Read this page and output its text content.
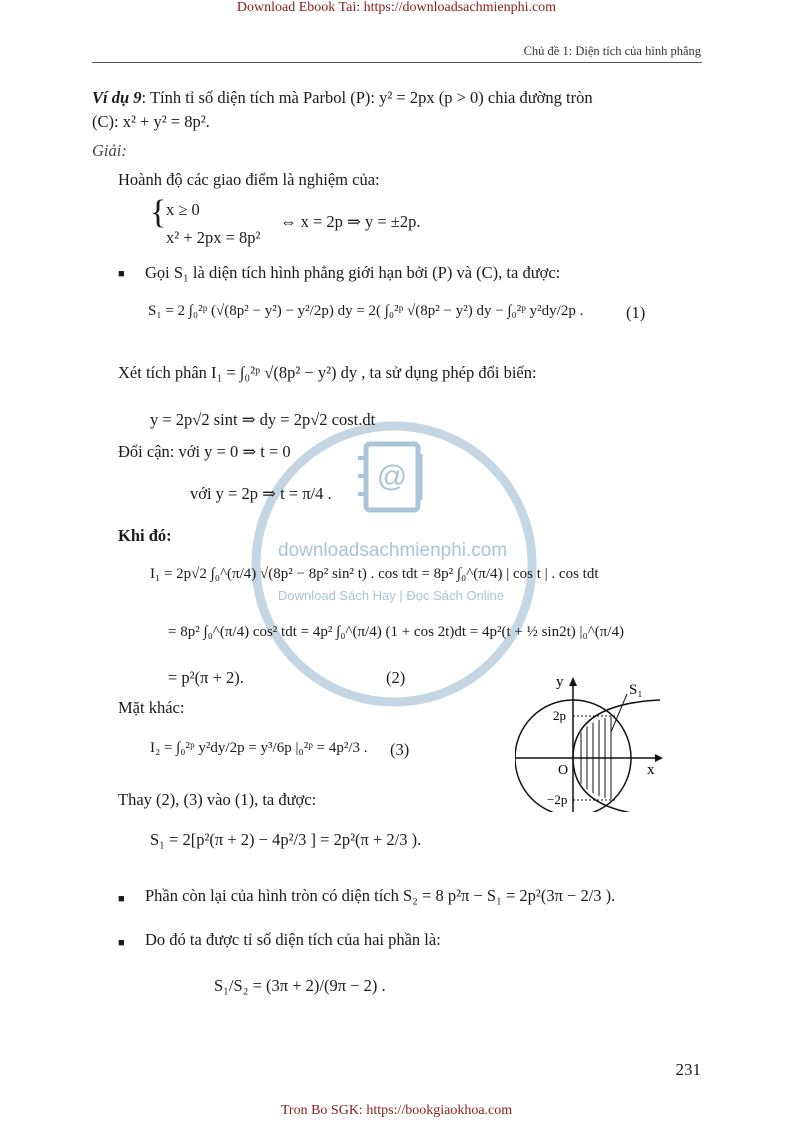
Download Ebook Tai: https://downloadsachmienphi.com
Chủ đề 1: Diện tích của hình phẳng
@
downloadsachmienphi.com
Download Sách Hay | Đọc Sách Online
Ví dụ 9: Tính tỉ số diện tích mà Parbol (P): y² = 2px (p > 0) chia đường tròn
(C): x² + y² = 8p².
Giải:
Hoành độ các giao điểm là nghiệm của:
{ x ≥ 0
x² + 2px = 8p²
⇔ x = 2p ⇒ y = ±2p.
■ Gọi S₁ là diện tích hình phẳng giới hạn bởi (P) và (C), ta được:
S₁ = 2 ∫₀²ᵖ (√(8p² − y²) − y²/2p) dy = 2( ∫₀²ᵖ √(8p² − y²) dy − ∫₀²ᵖ y²dy/2p .	(1)
Xét tích phân I₁ = ∫₀²ᵖ √(8p² − y²) dy , ta sử dụng phép đổi biến:
y = 2p√2 sint ⇒ dy = 2p√2 cost.dt
Đổi cận: với y = 0 ⇒ t = 0
với y = 2p ⇒ t = π/4 .
Khi đó:
I₁ = 2p√2 ∫₀^(π/4) √(8p² − 8p² sin² t) . cos tdt = 8p² ∫₀^(π/4) | cos t | . cos tdt
= 8p² ∫₀^(π/4) cos² tdt = 4p² ∫₀^(π/4) (1 + cos 2t)dt = 4p²(t + ½ sin2t) |₀^(π/4)
= p²(π + 2).	(2)
Mặt khác:
I₂ = ∫₀²ᵖ y²dy/2p = y³/6p |₀²ᵖ = 4p²/3 . (3)
Thay (2), (3) vào (1), ta được:
S₁ = 2[p²(π + 2) − 4p²/3 ] = 2p²(π + 2/3 ).
■ Phần còn lại của hình tròn có diện tích S₂ = 8 p²π − S₁ = 2p²(3π − 2/3 ).
■ Do đó ta được tỉ số diện tích của hai phần là:
S₁/S₂ = (3π + 2)/(9π − 2) .
y
x
O
2p
−2p
S₁
231
Tron Bo SGK: https://bookgiaokhoa.com
